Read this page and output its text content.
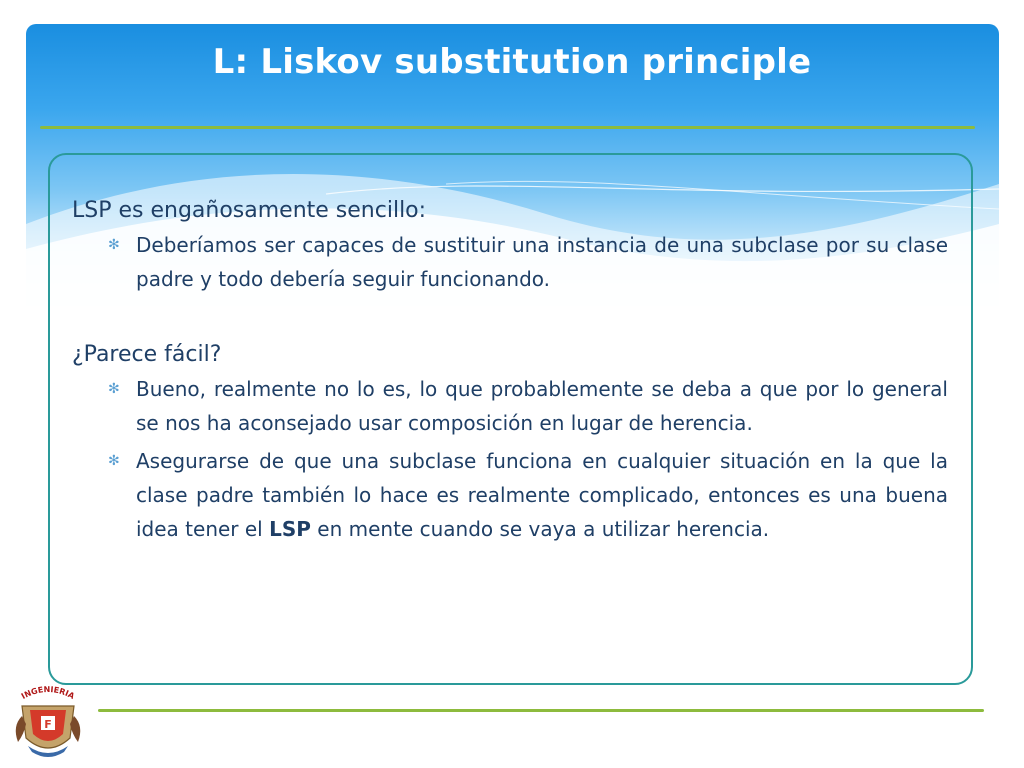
L: Liskov substitution principle

LSP es engañosamente sencillo:

✻ Deberíamos ser capaces de sustituir una instancia de una subclase por su clase padre y todo debería seguir funcionando.

¿Parece fácil?

✻ Bueno, realmente no lo es, lo que probablemente se deba a que por lo general se nos ha aconsejado usar composición en lugar de herencia.

✻ Asegurarse de que una subclase funciona en cualquier situación en la que la clase padre también lo hace es realmente complicado, entonces es una buena idea tener el LSP en mente cuando se vaya a utilizar herencia.

INGENIERIA
F
